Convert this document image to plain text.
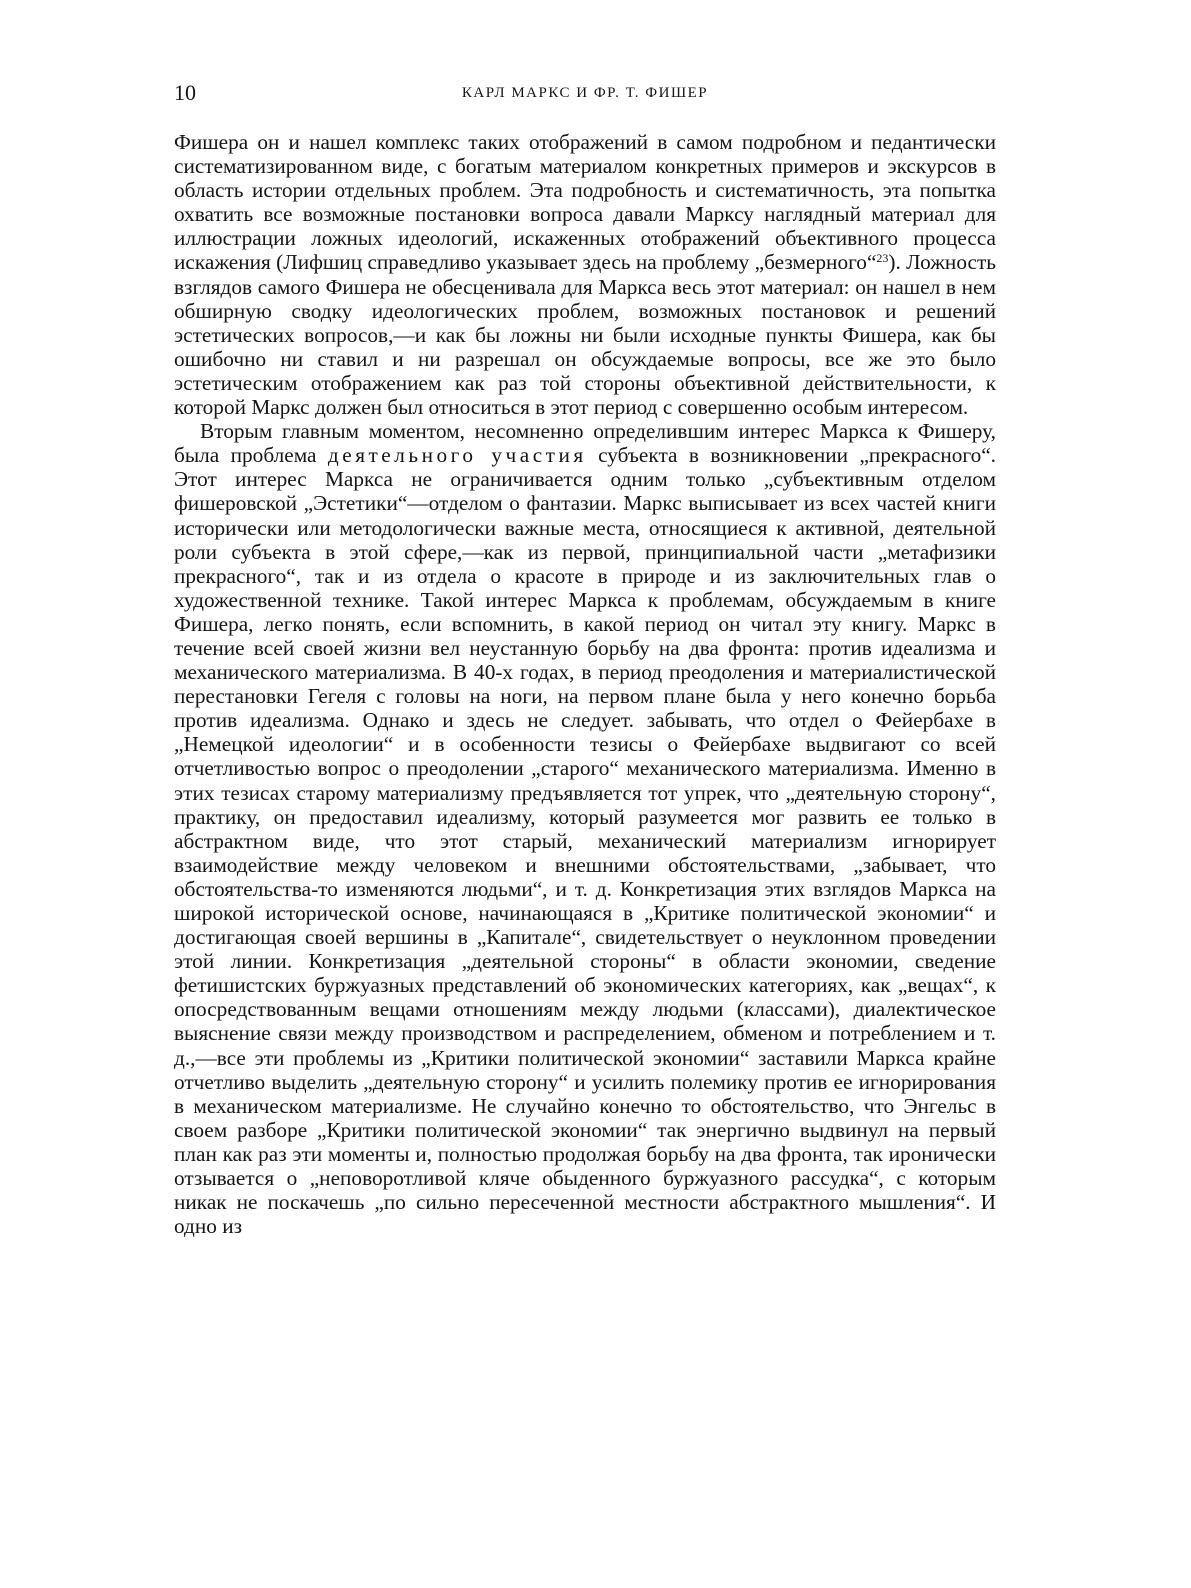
10	КАРЛ МАРКС И ФР. Т. ФИШЕР

Фишера он и нашел комплекс таких отображений в самом подробном и педантически систематизированном виде, с богатым материалом конкретных примеров и экскурсов в область истории отдельных проблем. Эта подробность и систематичность, эта попытка охватить все возможные постановки вопроса давали Марксу наглядный материал для иллюстрации ложных идеологий, искаженных отображений объективного процесса искажения (Лифшиц справедливо указывает здесь на проблему „безмерного“$^{23}$). Ложность взглядов самого Фишера не обесценивала для Маркса весь этот материал: он нашел в нем обширную сводку идеологических проблем, возможных постановок и решений эстетических вопросов,—и как бы ложны ни были исходные пункты Фишера, как бы ошибочно ни ставил и ни разрешал он обсуждаемые вопросы, все же это было эстетическим отображением как раз той стороны объективной действительности, к которой Маркс должен был относиться в этот период с совершенно особым интересом.

Вторым главным моментом, несомненно определившим интерес Маркса к Фишеру, была проблема деятельного участия субъекта в возникновении „прекрасного“. Этот интерес Маркса не ограничивается одним только „субъективным отделом фишеровской „Эстетики“—отделом о фантазии. Маркс выписывает из всех частей книги исторически или методологически важные места, относящиеся к активной, деятельной роли субъекта в этой сфере,—как из первой, принципиальной части „метафизики прекрасного“, так и из отдела о красоте в природе и из заключительных глав о художественной технике. Такой интерес Маркса к проблемам, обсуждаемым в книге Фишера, легко понять, если вспомнить, в какой период он читал эту книгу. Маркс в течение всей своей жизни вел неустанную борьбу на два фронта: против идеализма и механического материализма. В 40-х годах, в период преодоления и материалистической перестановки Гегеля с головы на ноги, на первом плане была у него конечно борьба против идеализма. Однако и здесь не следует. забывать, что отдел о Фейербахе в „Немецкой идеологии“ и в особенности тезисы о Фейербахе выдвигают со всей отчетливостью вопрос о преодолении „старого“ механического материализма. Именно в этих тезисах старому материализму предъявляется тот упрек, что „деятельную сторону“, практику, он предоставил идеализму, который разумеется мог развить ее только в абстрактном виде, что этот старый, механический материализм игнорирует взаимодействие между человеком и внешними обстоятельствами, „забывает, что обстоятельства-то изменяются людьми“, и т. д. Конкретизация этих взглядов Маркса на широкой исторической основе, начинающаяся в „Критике политической экономии“ и достигающая своей вершины в „Капитале“, свидетельствует о неуклонном проведении этой линии. Конкретизация „деятельной стороны“ в области экономии, сведение фетишистских буржуазных представлений об экономических категориях, как „вещах“, к опосредствованным вещами отношениям между людьми (классами), диалектическое выяснение связи между производством и распределением, обменом и потреблением и т. д.,—все эти проблемы из „Критики политической экономии“ заставили Маркса крайне отчетливо выделить „деятельную сторону“ и усилить полемику против ее игнорирования в механическом материализме. Не случайно конечно то обстоятельство, что Энгельс в своем разборе „Критики политической экономии“ так энергично выдвинул на первый план как раз эти моменты и, полностью продолжая борьбу на два фронта, так иронически отзывается о „неповоротливой кляче обыденного буржуазного рассудка“, с которым никак не поскачешь „по сильно пересеченной местности абстрактного мышления“. И одно из
